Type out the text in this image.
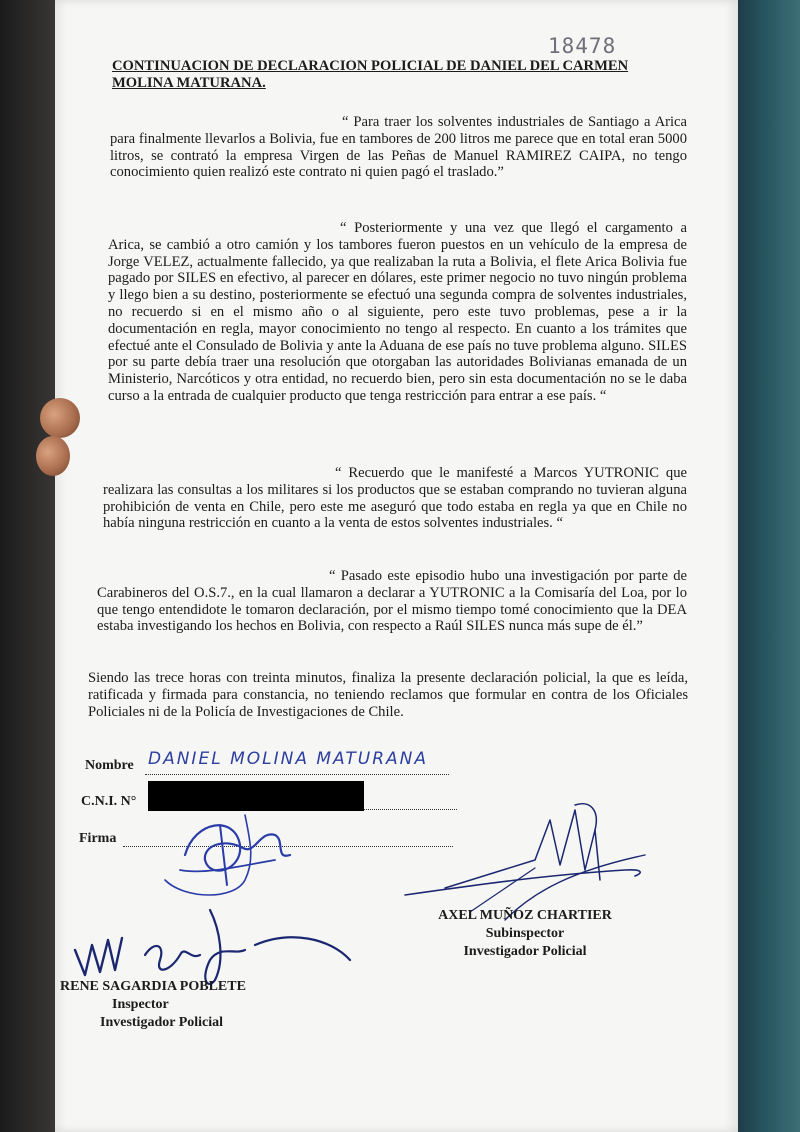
18478
CONTINUACION DE DECLARACION POLICIAL DE DANIEL DEL CARMEN MOLINA MATURANA.
“ Para traer los solventes industriales de Santiago a Arica para finalmente llevarlos a Bolivia, fue en tambores de 200 litros me parece que en total eran 5000 litros, se contrató la empresa Virgen de las Peñas de Manuel RAMIREZ CAIPA, no tengo conocimiento quien realizó este contrato ni quien pagó el traslado.”
“ Posteriormente y una vez que llegó el cargamento a Arica, se cambió a otro camión y los tambores fueron puestos en un vehículo de la empresa de Jorge VELEZ, actualmente fallecido, ya que realizaban la ruta a Bolivia, el flete Arica Bolivia fue pagado por SILES en efectivo, al parecer en dólares, este primer negocio no tuvo ningún problema y llego bien a su destino, posteriormente se efectuó una segunda compra de solventes industriales, no recuerdo si en el mismo año o al siguiente, pero este tuvo problemas, pese a ir la documentación en regla, mayor conocimiento no tengo al respecto. En cuanto a los trámites que efectué ante el Consulado de Bolivia y ante la Aduana de ese país no tuve problema alguno. SILES por su parte debía traer una resolución que otorgaban las autoridades Bolivianas emanada de un Ministerio, Narcóticos y otra entidad, no recuerdo bien, pero sin esta documentación no se le daba curso a la entrada de cualquier producto que tenga restricción para entrar a ese país. “
“ Recuerdo que le manifesté a Marcos YUTRONIC que realizara las consultas a los militares si los productos que se estaban comprando no tuvieran alguna prohibición de venta en Chile, pero este me aseguró que todo estaba en regla ya que en Chile no había ninguna restricción en cuanto a la venta de estos solventes industriales. “
“ Pasado este episodio hubo una investigación por parte de Carabineros del O.S.7., en la cual llamaron a declarar a YUTRONIC a la Comisaría del Loa, por lo que tengo entendidote le tomaron declaración, por el mismo tiempo tomé conocimiento que la DEA estaba investigando los hechos en Bolivia, con respecto a Raúl SILES nunca más supe de él.”
Siendo las trece horas con treinta minutos, finaliza la presente declaración policial, la que es leída, ratificada y firmada para constancia, no teniendo reclamos que formular en contra de los Oficiales Policiales ni de la Policía de Investigaciones de Chile.
Nombre DANIEL MOLINA MATURANA
C.N.I. N°
Firma
AXEL MUÑOZ CHARTIER
Subinspector
Investigador Policial
RENE SAGARDIA POBLETE
Inspector
Investigador Policial
